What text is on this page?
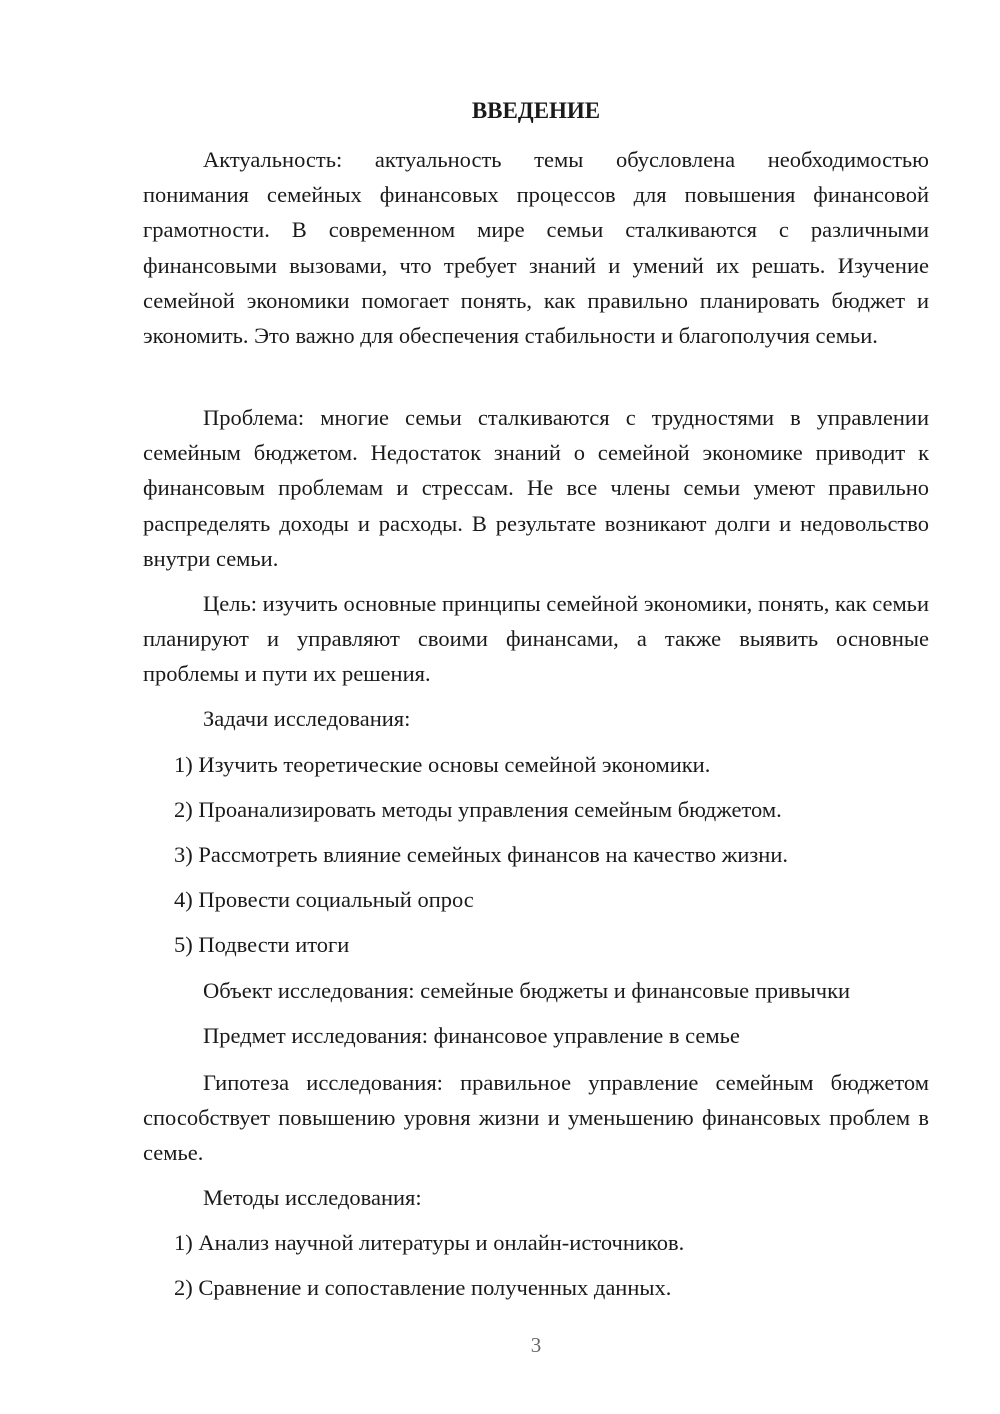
ВВЕДЕНИЕ

Актуальность: актуальность темы обусловлена необходимостью понимания семейных финансовых процессов для повышения финансовой грамотности. В современном мире семьи сталкиваются с различными финансовыми вызовами, что требует знаний и умений их решать. Изучение семейной экономики помогает понять, как правильно планировать бюджет и экономить. Это важно для обеспечения стабильности и благополучия семьи.

Проблема: многие семьи сталкиваются с трудностями в управлении семейным бюджетом. Недостаток знаний о семейной экономике приводит к финансовым проблемам и стрессам. Не все члены семьи умеют правильно распределять доходы и расходы. В результате возникают долги и недовольство внутри семьи.

Цель: изучить основные принципы семейной экономики, понять, как семьи планируют и управляют своими финансами, а также выявить основные проблемы и пути их решения.

Задачи исследования:
1) Изучить теоретические основы семейной экономики.
2) Проанализировать методы управления семейным бюджетом.
3) Рассмотреть влияние семейных финансов на качество жизни.
4) Провести социальный опрос
5) Подвести итоги
Объект исследования: семейные бюджеты и финансовые привычки
Предмет исследования: финансовое управление в семье

Гипотеза исследования: правильное управление семейным бюджетом способствует повышению уровня жизни и уменьшению финансовых проблем в семье.

Методы исследования:
1) Анализ научной литературы и онлайн-источников.
2) Сравнение и сопоставление полученных данных.
3
